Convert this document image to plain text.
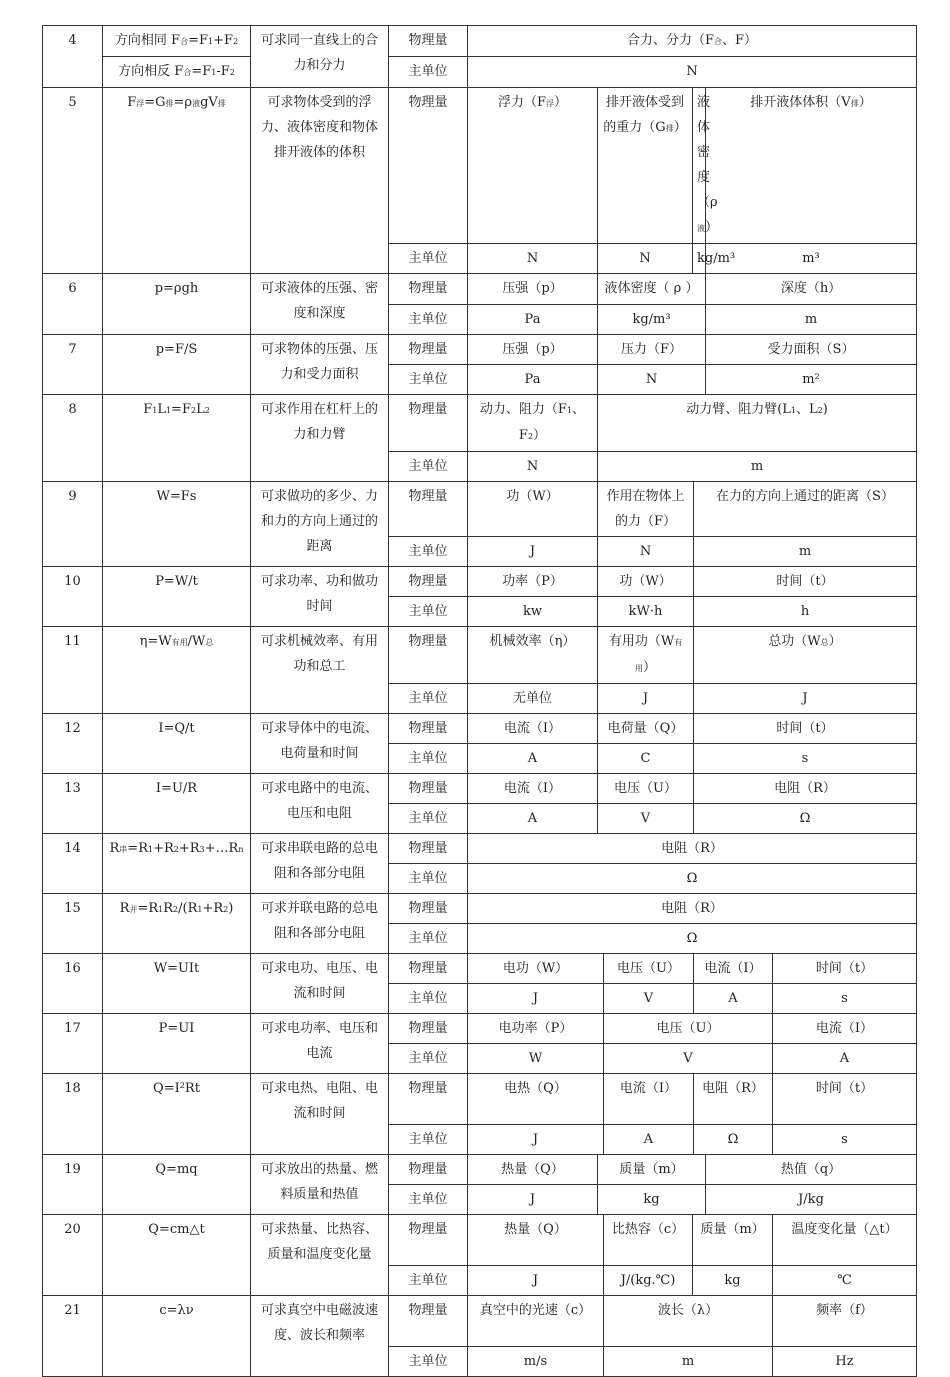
4	方向相同 F合=F1+F2	可求同一直线上的合力和分力	物理量	合力、分力（F合、F）					
	方向相反 F合=F1-F2		主单位	N					
5	F浮=G排=ρ液gV排	可求物体受到的浮力、液体密度和物体排开液体的体积	物理量	浮力（F浮）	排开液体受到的重力（G排）		液体密度（ρ液）	排开液体体积（V排）	
			主单位	N	N		kg/m³	m³	
6	p=ρgh	可求液体的压强、密度和深度	物理量	压强（p）	液体密度（ ρ ）			深度（h）	
			主单位	Pa	kg/m³			m	
7	p=F/S	可求物体的压强、压力和受力面积	物理量	压强（p）	压力（F）			受力面积（S）	
			主单位	Pa	N			m²	
8	F1L1=F2L2	可求作用在杠杆上的力和力臂	物理量	动力、阻力（F1、F2）	动力臂、阻力臂(L1、L2)				
			主单位	N	m				
9	W=Fs	可求做功的多少、力和力的方向上通过的距离	物理量	功（W）	作用在物体上的力（F）		在力的方向上通过的距离（S）		
			主单位	J	N		m		
10	P=W/t	可求功率、功和做功时间	物理量	功率（P）	功（W）		时间（t）		
			主单位	kw	kW·h		h		
11	η=W有用/W总	可求机械效率、有用功和总工	物理量	机械效率（η）	有用功（W有用）		总功（W总）		
			主单位	无单位	J		J		
12	I=Q/t	可求导体中的电流、电荷量和时间	物理量	电流（I）	电荷量（Q）		时间（t）		
			主单位	A	C		s		
13	I=U/R	可求电路中的电流、电压和电阻	物理量	电流（I）	电压（U）		电阻（R）		
			主单位	A	V		Ω		
14	R串=R1+R2+R3+…Rn	可求串联电路的总电阻和各部分电阻	物理量	电阻（R）					
			主单位	Ω					
15	R并=R1R2/(R1+R2)	可求并联电路的总电阻和各部分电阻	物理量	电阻（R）					
			主单位	Ω					
16	W=UIt	可求电功、电压、电流和时间	物理量	电功（W）		电压（U）	电流（I）		时间（t）
			主单位	J		V	A		s
17	P=UI	可求电功率、电压和电流	物理量	电功率（P）		电压（U）			电流（I）
			主单位	W		V			A
18	Q=I²Rt	可求电热、电阻、电流和时间	物理量	电热（Q）		电流（I）	电阻（R）		时间（t）
			主单位	J		A	Ω		s
19	Q=mq	可求放出的热量、燃料质量和热值	物理量	热量（Q）	质量（m）			热值（q）	
			主单位	J	kg			J/kg	
20	Q=cm△t	可求热量、比热容、质量和温度变化量	物理量	热量（Q）		比热容（c）	质量（m）		温度变化量（△t）
			主单位	J		J/(kg.℃)	kg		℃
21	c=λν	可求真空中电磁波速度、波长和频率	物理量	真空中的光速（c）		波长（λ）			频率（f）
			主单位	m/s		m			Hz
